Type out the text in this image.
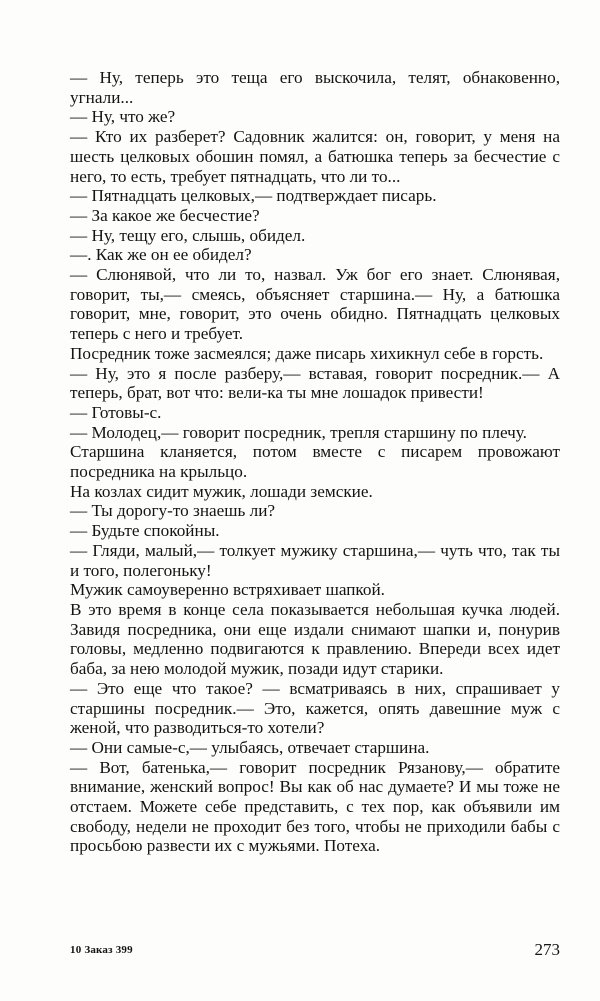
— Ну, теперь это теща его выскочила, телят, обнаковенно, угнали...

— Ну, что же?

— Кто их разберет? Садовник жалится: он, говорит, у меня на шесть целковых обошин помял, а батюшка теперь за бесчестие с него, то есть, требует пятнадцать, что ли то...

— Пятнадцать целковых,— подтверждает писарь.

— За какое же бесчестие?

— Ну, тещу его, слышь, обидел.

—. Как же он ее обидел?

— Слюнявой, что ли то, назвал. Уж бог его знает. Слюнявая, говорит, ты,— смеясь, объясняет старшина.— Ну, а батюшка говорит, мне, говорит, это очень обидно. Пятнадцать целковых теперь с него и требует.

Посредник тоже засмеялся; даже писарь хихикнул себе в горсть.

— Ну, это я после разберу,— вставая, говорит посредник.— А теперь, брат, вот что: вели-ка ты мне лошадок привести!

— Готовы-с.

— Молодец,— говорит посредник, трепля старшину по плечу.

Старшина кланяется, потом вместе с писарем провожают посредника на крыльцо.

На козлах сидит мужик, лошади земские.

— Ты дорогу-то знаешь ли?

— Будьте спокойны.

— Гляди, малый,— толкует мужику старшина,— чуть что, так ты и того, полегоньку!

Мужик самоуверенно встряхивает шапкой.

В это время в конце села показывается небольшая кучка людей. Завидя посредника, они еще издали снимают шапки и, понурив головы, медленно подвигаются к правлению. Впереди всех идет баба, за нею молодой мужик, позади идут старики.

— Это еще что такое? — всматриваясь в них, спрашивает у старшины посредник.— Это, кажется, опять давешние муж с женой, что разводиться-то хотели?

— Они самые-с,— улыбаясь, отвечает старшина.

— Вот, батенька,— говорит посредник Рязанову,— обратите внимание, женский вопрос! Вы как об нас думаете? И мы тоже не отстаем. Можете себе представить, с тех пор, как объявили им свободу, недели не проходит без того, чтобы не приходили бабы с просьбою развести их с мужьями. Потеха.

10 Заказ 399	273
